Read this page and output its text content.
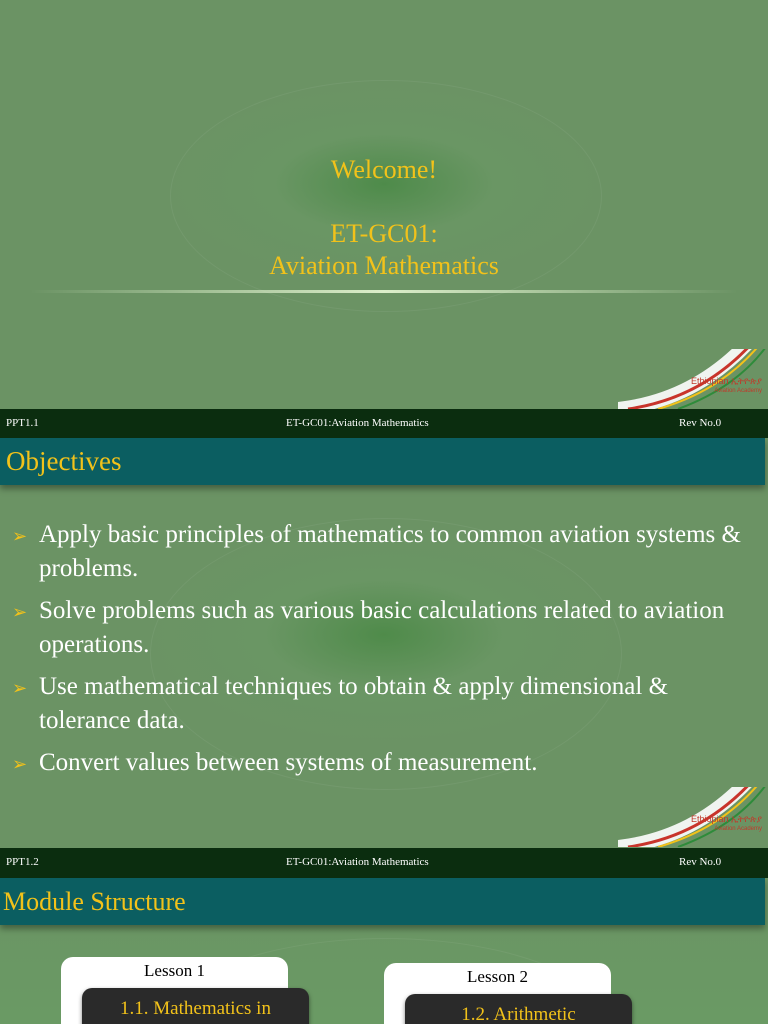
Welcome!
ET-GC01:
Aviation Mathematics
Ethiopian ኢትዮጵያ
Aviation Academy
PPT1.1	ET-GC01:Aviation Mathematics	Rev No.0
Objectives
➢ Apply basic principles of mathematics to common aviation systems & problems.
➢ Solve problems such as various basic calculations related to aviation operations.
➢ Use mathematical techniques to obtain & apply dimensional & tolerance data.
➢ Convert values between systems of measurement.
Ethiopian ኢትዮጵያ
Aviation Academy
PPT1.2	ET-GC01:Aviation Mathematics	Rev No.0
Module Structure
Lesson 1
1.1. Mathematics in
Lesson 2
1.2. Arithmetic
